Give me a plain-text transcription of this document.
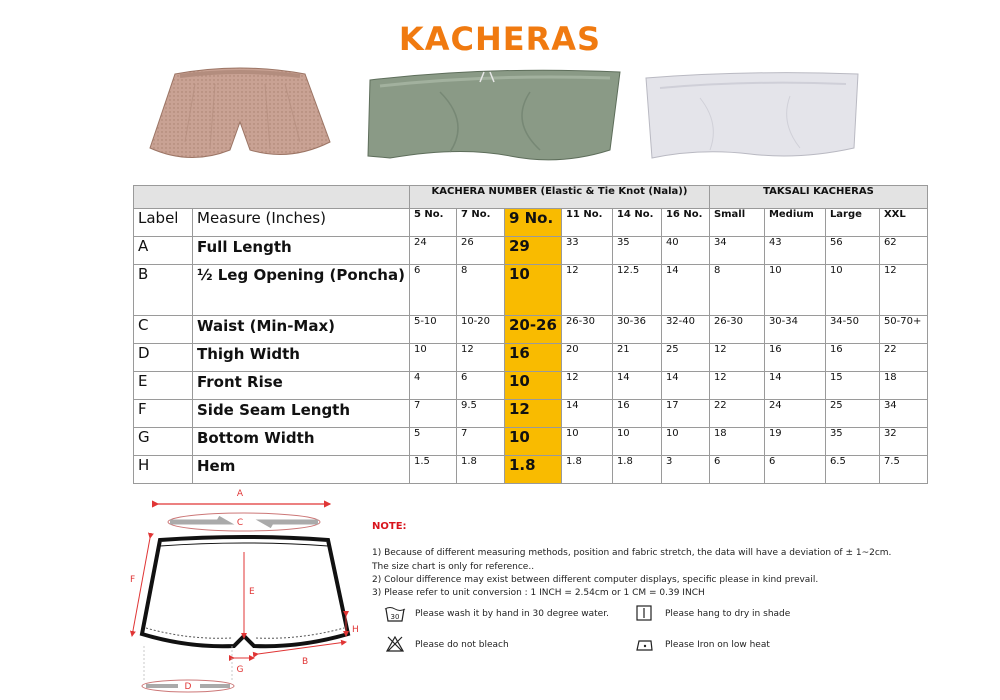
KACHERAS
		KACHERA NUMBER (Elastic & Tie Knot (Nala))						TAKSALI KACHERAS			
Label	Measure (Inches)	5 No.	7 No.	9 No.	11 No.	14 No.	16 No.	Small	Medium	Large	XXL
A	Full Length	24	26	29	33	35	40	34	43	56	62
B	½ Leg Opening (Poncha)	6	8	10	12	12.5	14	8	10	10	12
C	Waist (Min-Max)	5-10	10-20	20-26	26-30	30-36	32-40	26-30	30-34	34-50	50-70+
D	Thigh Width	10	12	16	20	21	25	12	16	16	22
E	Front Rise	4	6	10	12	14	14	12	14	15	18
F	Side Seam Length	7	9.5	12	14	16	17	22	24	25	34
G	Bottom Width	5	7	10	10	10	10	18	19	35	32
H	Hem	1.5	1.8	1.8	1.8	1.8	3	6	6	6.5	7.5
A
C
E
F
H
G
B
D
NOTE:
1) Because of different measuring methods, position and fabric stretch, the data will have a deviation of ± 1~2cm.
The size chart is only for reference..
2) Colour difference may exist between different computer displays, specific please in kind prevail.
3) Please refer to unit conversion : 1 INCH = 2.54cm or 1 CM = 0.39 INCH
30 Please wash it by hand in 30 degree water.	Please hang to dry in shade
Please do not bleach	Please Iron on low heat
